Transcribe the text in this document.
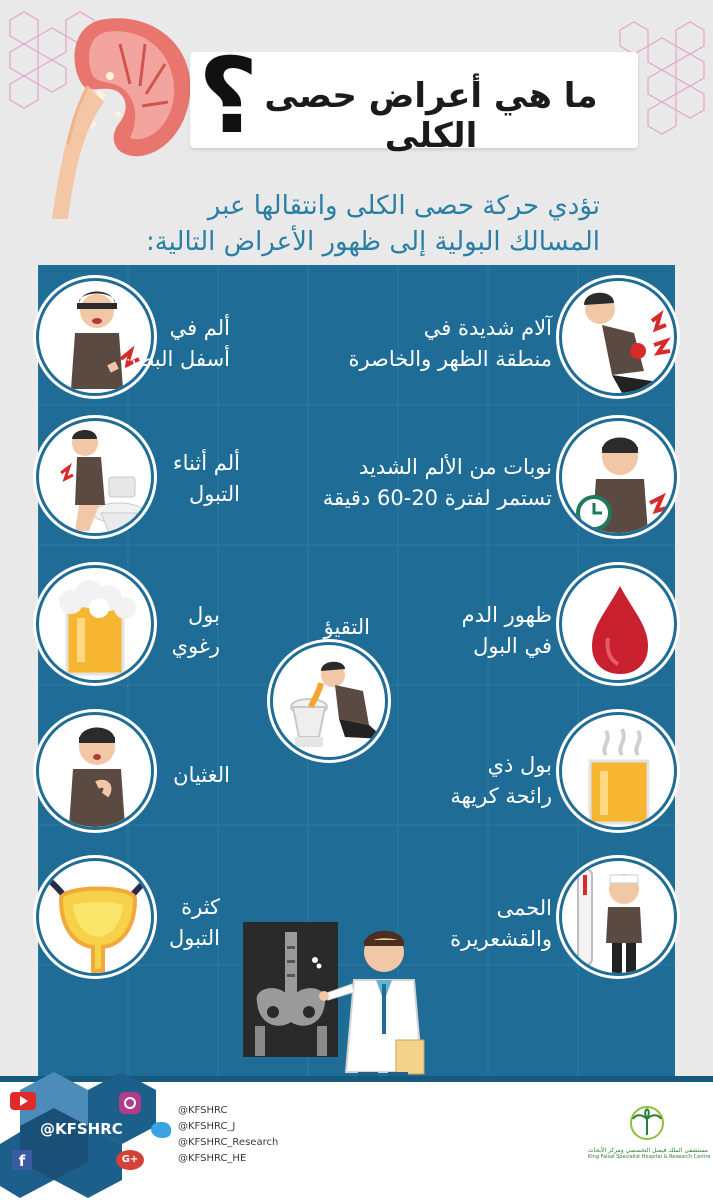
ما هي أعراض حصى الكلى
؟
تؤدي حركة حصى الكلى وانتقالها عبر
المسالك البولية إلى ظهور الأعراض التالية:
ألم في
أسفل البطن
ألم أثناء
التبول
بول
رغوي
الغثيان
كثرة
التبول
آلام شديدة في
منطقة الظهر والخاصرة
نوبات من الألم الشديد
تستمر لفترة 20-60 دقيقة
ظهور الدم
في البول
بول ذي
رائحة كريهة
الحمى
والقشعريرة
التقيؤ
@KFSHRC
f	G+
@KFSHRC
@KFSHRC_J
@KFSHRC_Research
@KFSHRC_HE
مستشفى الملك فيصل التخصصي ومركز الأبحاث
King Faisal Specialist Hospital & Research Centre
